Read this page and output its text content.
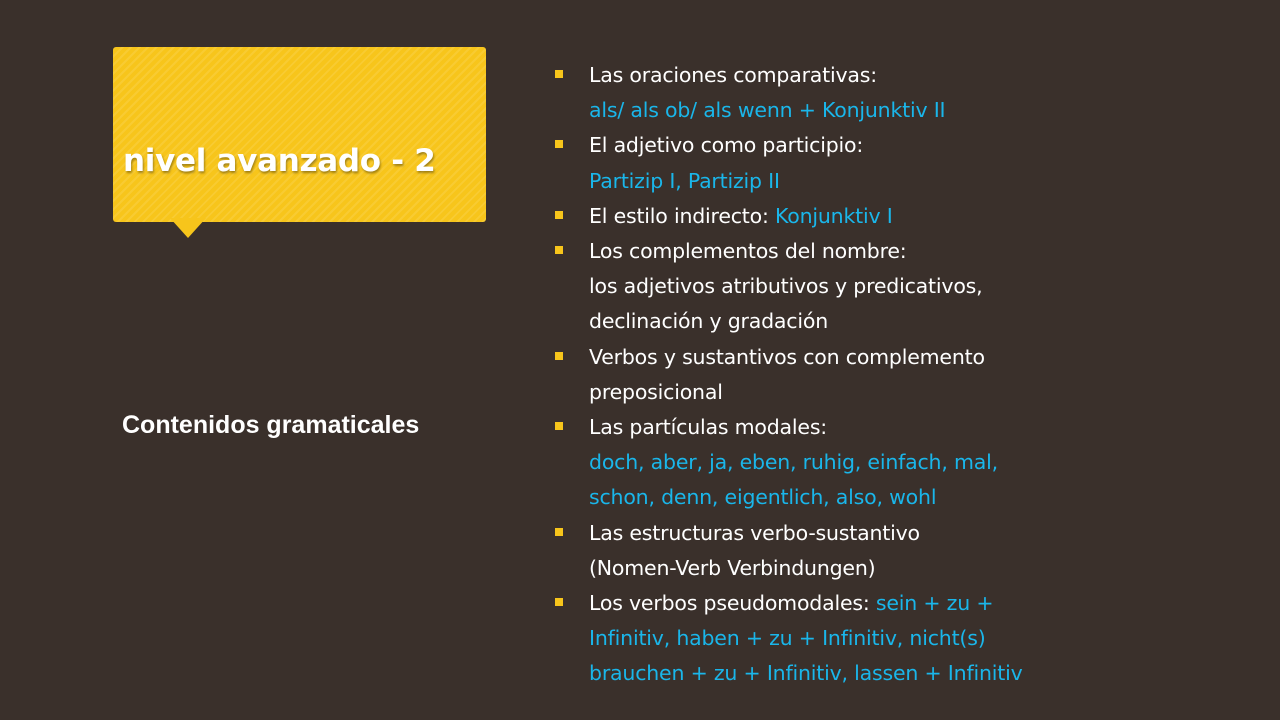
nivel avanzado - 2
Contenidos gramaticales
Las oraciones comparativas:
als/ als ob/ als wenn + Konjunktiv II
El adjetivo como participio:
Partizip I, Partizip II
El estilo indirecto: Konjunktiv I
Los complementos del nombre:
los adjetivos atributivos y predicativos,
declinación y gradación
Verbos y sustantivos con complemento
preposicional
Las partículas modales:
doch, aber, ja, eben, ruhig, einfach, mal,
schon, denn, eigentlich, also, wohl
Las estructuras verbo-sustantivo
(Nomen-Verb Verbindungen)
Los verbos pseudomodales: sein + zu +
Infinitiv, haben + zu + Infinitiv, nicht(s)
brauchen + zu + Infinitiv, lassen + Infinitiv
